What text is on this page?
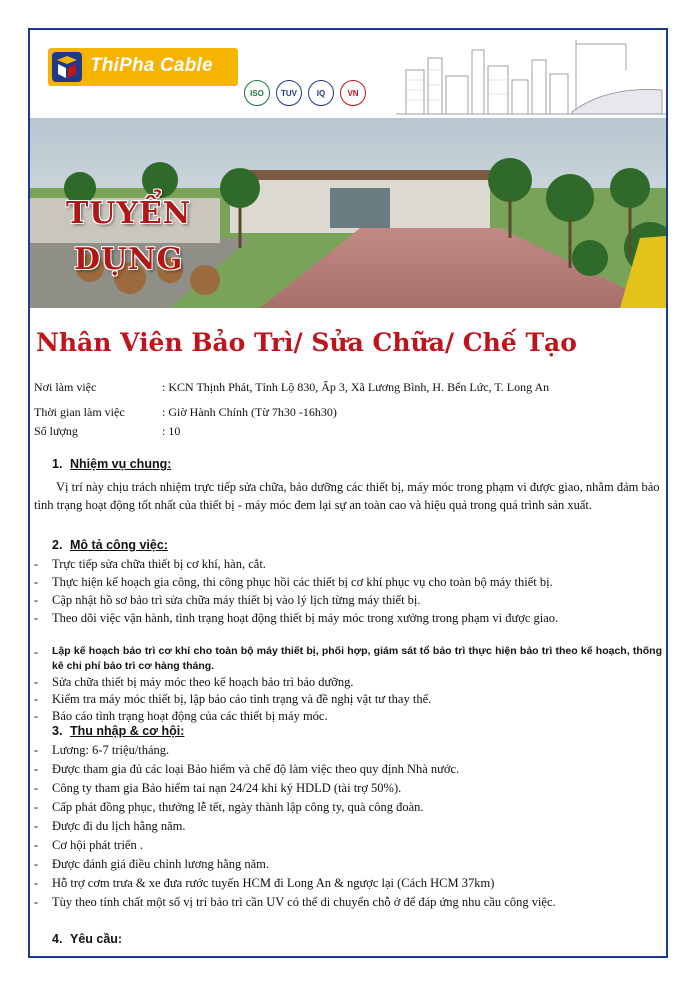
ThiPha Cable
ISO	TUV	IQ	VN
TUYỂN
DỤNG
Nhân Viên Bảo Trì/ Sửa Chữa/ Chế Tạo
Nơi làm việc	: KCN Thịnh Phát, Tỉnh Lộ 830, Ấp 3, Xã Lương Bình, H. Bến Lức, T. Long An
Thời gian làm việc	: Giờ Hành Chính (Từ 7h30 -16h30)
Số lượng	: 10
1. Nhiệm vụ chung:
Vị trí này chịu trách nhiệm trực tiếp sửa chữa, bảo dưỡng các thiết bị, máy móc trong phạm vi được giao, nhằm đảm bảo tình trạng hoạt động tốt nhất của thiết bị - máy móc đem lại sự an toàn cao và hiệu quả trong quá trình sản xuất.
2. Mô tả công việc:
- Trực tiếp sửa chữa thiết bị cơ khí, hàn, cắt.
- Thực hiện kế hoạch gia công, thi công phục hồi các thiết bị cơ khí phục vụ cho toàn bộ máy thiết bị.
- Cập nhật hồ sơ bảo trì sửa chữa máy thiết bị vào lý lịch từng máy thiết bị.
- Theo dõi việc vận hành, tình trạng hoạt động thiết bị máy móc trong xưởng trong phạm vi được giao.
- Lập kế hoạch bảo trì cơ khí cho toàn bộ máy thiết bị, phối hợp, giám sát tổ bảo trì thực hiện bảo trì theo kế hoạch, thống kê chi phí bảo trì cơ hàng tháng.
- Sửa chữa thiết bị máy móc theo kế hoạch bảo trì bảo dưỡng.
- Kiểm tra máy móc thiết bị, lập báo cáo tình trạng và đề nghị vật tư thay thế.
- Báo cáo tình trạng hoạt động của các thiết bị máy móc.
3. Thu nhập & cơ hội:
- Lương: 6-7 triệu/tháng.
- Được tham gia đủ các loại Bảo hiểm và chế độ làm việc theo quy định Nhà nước.
- Công ty tham gia Bảo hiểm tai nạn 24/24 khi ký HDLD (tài trợ 50%).
- Cấp phát đồng phục, thưởng lễ tết, ngày thành lập công ty, quà công đoàn.
- Được đi du lịch hằng năm.
- Cơ hội phát triển .
- Được đánh giá điều chỉnh lương hằng năm.
- Hỗ trợ cơm trưa & xe đưa rước tuyến HCM đi Long An & ngược lại (Cách HCM 37km)
- Tùy theo tính chất một số vị trí bảo trì cần UV có thể di chuyển chỗ ở để đáp ứng nhu cầu công việc.
4. Yêu cầu:
